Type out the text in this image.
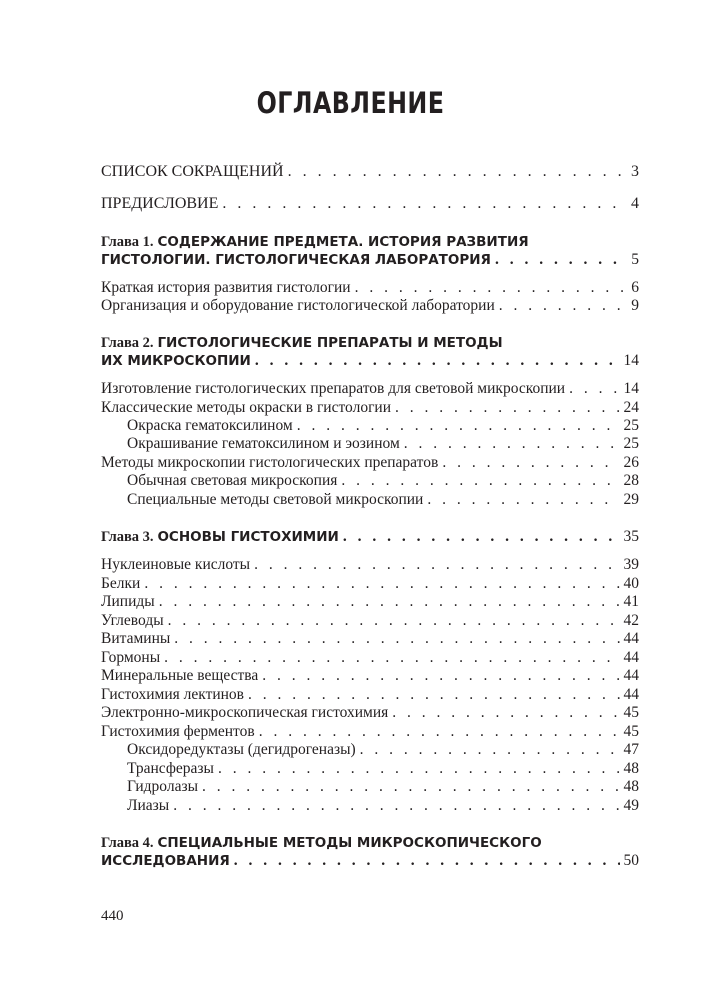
ОГЛАВЛЕНИЕ
СПИСОК СОКРАЩЕНИЙ . . .	3
ПРЕДИСЛОВИЕ . . .	4
Глава 1. СОДЕРЖАНИЕ ПРЕДМЕТА. ИСТОРИЯ РАЗВИТИЯ
ГИСТОЛОГИИ. ГИСТОЛОГИЧЕСКАЯ ЛАБОРАТОРИЯ . . .	5
Краткая история развития гистологии . . .	6
Организация и оборудование гистологической лаборатории . . .	9
Глава 2. ГИСТОЛОГИЧЕСКИЕ ПРЕПАРАТЫ И МЕТОДЫ
ИХ МИКРОСКОПИИ . . .	14
Изготовление гистологических препаратов для световой микроскопии . . .	14
Классические методы окраски в гистологии . . .	24
Окраска гематоксилином . . .	25
Окрашивание гематоксилином и эозином . . .	25
Методы микроскопии гистологических препаратов . . .	26
Обычная световая микроскопия . . .	28
Специальные методы световой микроскопии . . .	29
Глава 3. ОСНОВЫ ГИСТОХИМИИ . . .	35
Нуклеиновые кислоты . . .	39
Белки . . .	40
Липиды . . .	41
Углеводы . . .	42
Витамины . . .	44
Гормоны . . .	44
Минеральные вещества . . .	44
Гистохимия лектинов . . .	44
Электронно-микроскопическая гистохимия . . .	45
Гистохимия ферментов . . .	45
Оксидоредуктазы (дегидрогеназы) . . .	47
Трансферазы . . .	48
Гидролазы . . .	48
Лиазы . . .	49
Глава 4. СПЕЦИАЛЬНЫЕ МЕТОДЫ МИКРОСКОПИЧЕСКОГО
ИССЛЕДОВАНИЯ . . .	50
440
